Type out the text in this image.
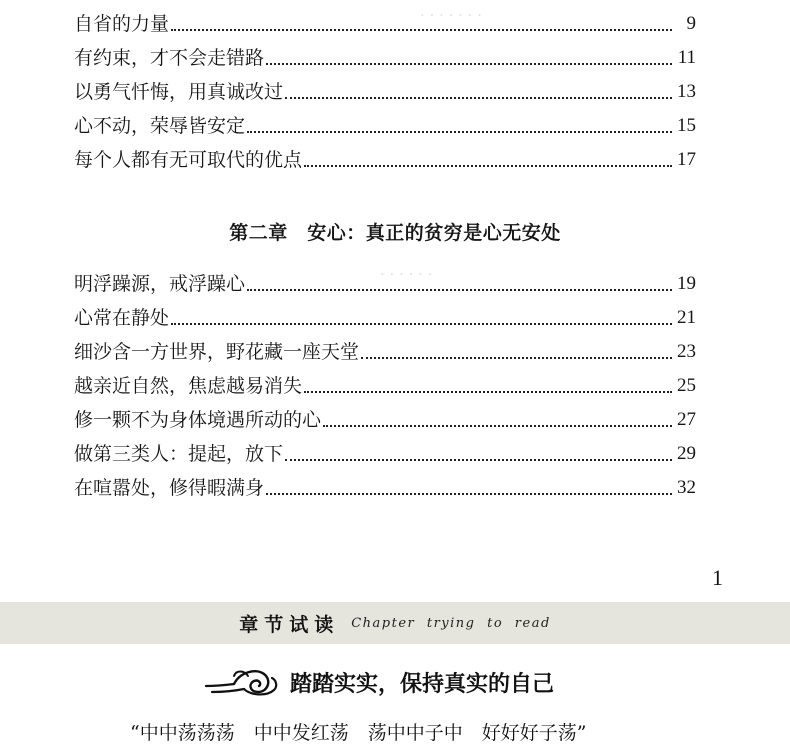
· · · · · · ·
· · · · · ·
自省的力量	9
有约束，才不会走错路	11
以勇气忏悔，用真诚改过	13
心不动，荣辱皆安定	15
每个人都有无可取代的优点	17
第二章　安心：真正的贫穷是心无安处
明浮躁源，戒浮躁心	19
心常在静处	21
细沙含一方世界，野花藏一座天堂	23
越亲近自然，焦虑越易消失	25
修一颗不为身体境遇所动的心	27
做第三类人：提起，放下	29
在喧嚣处，修得暇满身	32
1
章节试读 Chapter trying to read
踏踏实实，保持真实的自己
“中中荡荡荡　中中发红荡　荡中中子中　好好好子荡”
